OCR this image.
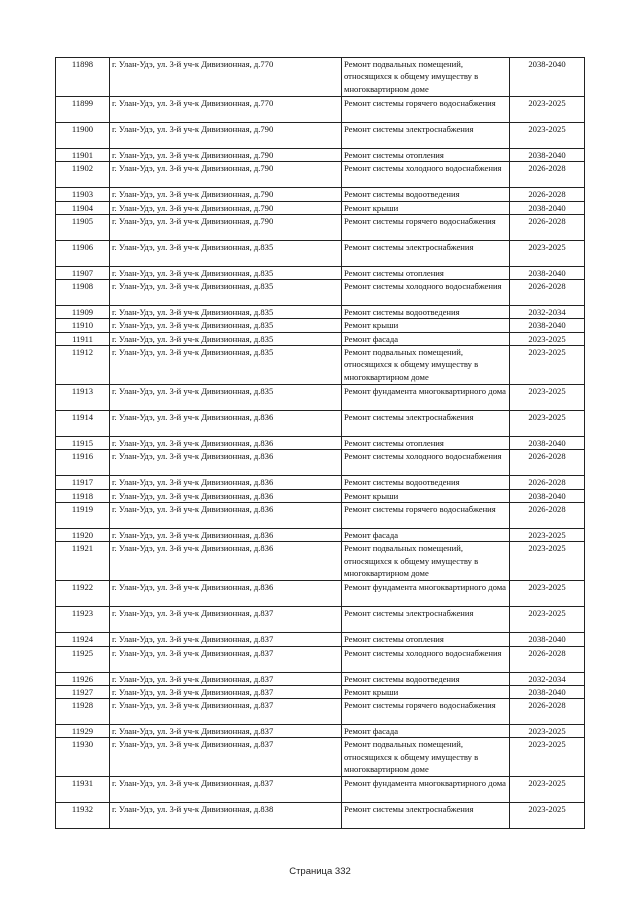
11898	г. Улан-Удэ, ул. 3-й уч-к Дивизионная, д.770	Ремонт подвальных помещений, относящихся к общему имуществу в многоквартирном доме	2038-2040
11899	г. Улан-Удэ, ул. 3-й уч-к Дивизионная, д.770	Ремонт системы горячего водоснабжения	2023-2025
11900	г. Улан-Удэ, ул. 3-й уч-к Дивизионная, д.790	Ремонт системы электроснабжения	2023-2025
11901	г. Улан-Удэ, ул. 3-й уч-к Дивизионная, д.790	Ремонт системы отопления	2038-2040
11902	г. Улан-Удэ, ул. 3-й уч-к Дивизионная, д.790	Ремонт системы холодного водоснабжения	2026-2028
11903	г. Улан-Удэ, ул. 3-й уч-к Дивизионная, д.790	Ремонт системы водоотведения	2026-2028
11904	г. Улан-Удэ, ул. 3-й уч-к Дивизионная, д.790	Ремонт крыши	2038-2040
11905	г. Улан-Удэ, ул. 3-й уч-к Дивизионная, д.790	Ремонт системы горячего водоснабжения	2026-2028
11906	г. Улан-Удэ, ул. 3-й уч-к Дивизионная, д.835	Ремонт системы электроснабжения	2023-2025
11907	г. Улан-Удэ, ул. 3-й уч-к Дивизионная, д.835	Ремонт системы отопления	2038-2040
11908	г. Улан-Удэ, ул. 3-й уч-к Дивизионная, д.835	Ремонт системы холодного водоснабжения	2026-2028
11909	г. Улан-Удэ, ул. 3-й уч-к Дивизионная, д.835	Ремонт системы водоотведения	2032-2034
11910	г. Улан-Удэ, ул. 3-й уч-к Дивизионная, д.835	Ремонт крыши	2038-2040
11911	г. Улан-Удэ, ул. 3-й уч-к Дивизионная, д.835	Ремонт фасада	2023-2025
11912	г. Улан-Удэ, ул. 3-й уч-к Дивизионная, д.835	Ремонт подвальных помещений, относящихся к общему имуществу в многоквартирном доме	2023-2025
11913	г. Улан-Удэ, ул. 3-й уч-к Дивизионная, д.835	Ремонт фундамента многоквартирного дома	2023-2025
11914	г. Улан-Удэ, ул. 3-й уч-к Дивизионная, д.836	Ремонт системы электроснабжения	2023-2025
11915	г. Улан-Удэ, ул. 3-й уч-к Дивизионная, д.836	Ремонт системы отопления	2038-2040
11916	г. Улан-Удэ, ул. 3-й уч-к Дивизионная, д.836	Ремонт системы холодного водоснабжения	2026-2028
11917	г. Улан-Удэ, ул. 3-й уч-к Дивизионная, д.836	Ремонт системы водоотведения	2026-2028
11918	г. Улан-Удэ, ул. 3-й уч-к Дивизионная, д.836	Ремонт крыши	2038-2040
11919	г. Улан-Удэ, ул. 3-й уч-к Дивизионная, д.836	Ремонт системы горячего водоснабжения	2026-2028
11920	г. Улан-Удэ, ул. 3-й уч-к Дивизионная, д.836	Ремонт фасада	2023-2025
11921	г. Улан-Удэ, ул. 3-й уч-к Дивизионная, д.836	Ремонт подвальных помещений, относящихся к общему имуществу в многоквартирном доме	2023-2025
11922	г. Улан-Удэ, ул. 3-й уч-к Дивизионная, д.836	Ремонт фундамента многоквартирного дома	2023-2025
11923	г. Улан-Удэ, ул. 3-й уч-к Дивизионная, д.837	Ремонт системы электроснабжения	2023-2025
11924	г. Улан-Удэ, ул. 3-й уч-к Дивизионная, д.837	Ремонт системы отопления	2038-2040
11925	г. Улан-Удэ, ул. 3-й уч-к Дивизионная, д.837	Ремонт системы холодного водоснабжения	2026-2028
11926	г. Улан-Удэ, ул. 3-й уч-к Дивизионная, д.837	Ремонт системы водоотведения	2032-2034
11927	г. Улан-Удэ, ул. 3-й уч-к Дивизионная, д.837	Ремонт крыши	2038-2040
11928	г. Улан-Удэ, ул. 3-й уч-к Дивизионная, д.837	Ремонт системы горячего водоснабжения	2026-2028
11929	г. Улан-Удэ, ул. 3-й уч-к Дивизионная, д.837	Ремонт фасада	2023-2025
11930	г. Улан-Удэ, ул. 3-й уч-к Дивизионная, д.837	Ремонт подвальных помещений, относящихся к общему имуществу в многоквартирном доме	2023-2025
11931	г. Улан-Удэ, ул. 3-й уч-к Дивизионная, д.837	Ремонт фундамента многоквартирного дома	2023-2025
11932	г. Улан-Удэ, ул. 3-й уч-к Дивизионная, д.838	Ремонт системы электроснабжения	2023-2025
Страница 332
